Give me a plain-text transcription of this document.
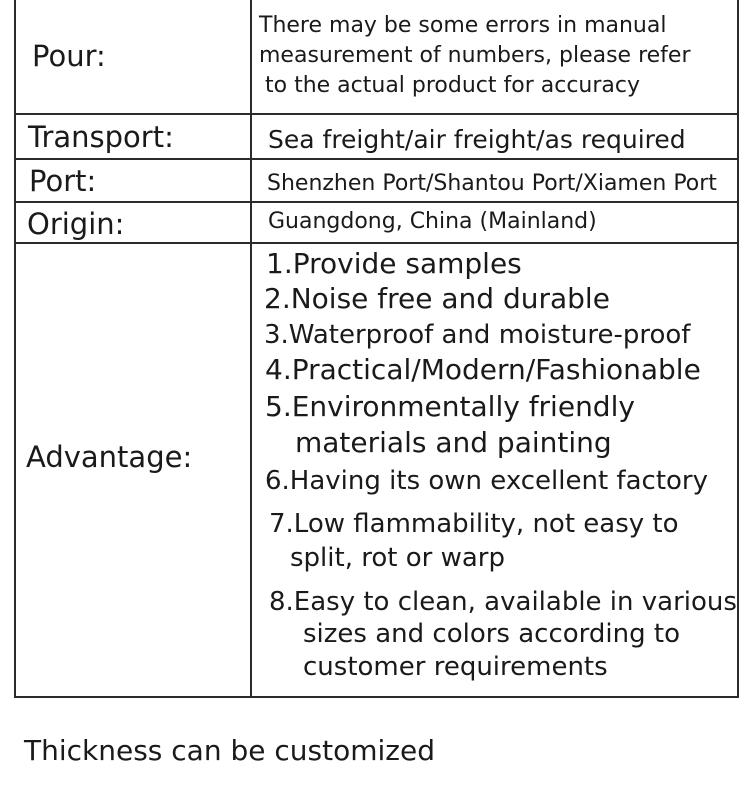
Pour:
There may be some errors in manual
measurement of numbers, please refer
to the actual product for accuracy
Transport:	Sea freight/air freight/as required
Port:	Shenzhen Port/Shantou Port/Xiamen Port
Origin:	Guangdong, China (Mainland)
Advantage:
1.Provide samples
2.Noise free and durable
3.Waterproof and moisture-proof
4.Practical/Modern/Fashionable
5.Environmentally friendly
materials and painting
6.Having its own excellent factory
7.Low flammability, not easy to
split, rot or warp
8.Easy to clean, available in various
sizes and colors according to
customer requirements
Thickness can be customized
